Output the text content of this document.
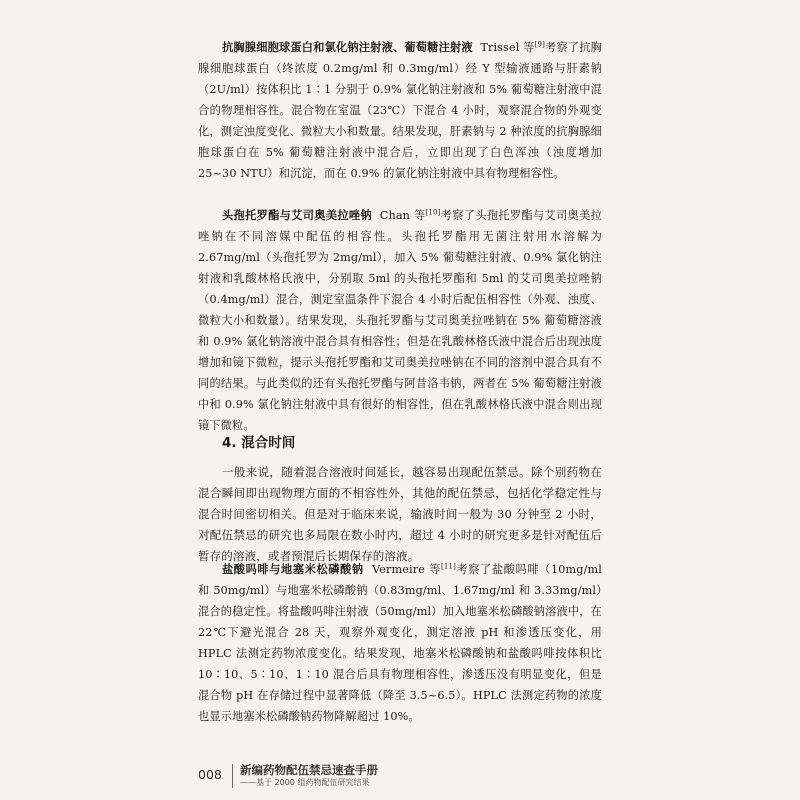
抗胸腺细胞球蛋白和氯化钠注射液、葡萄糖注射液 Trissel 等[9]考察了抗胸腺细胞球蛋白（终浓度 0.2mg/ml 和 0.3mg/ml）经 Y 型输液通路与肝素钠（2U/ml）按体积比 1∶1 分别于 0.9% 氯化钠注射液和 5% 葡萄糖注射液中混合的物理相容性。混合物在室温（23℃）下混合 4 小时，观察混合物的外观变化，测定浊度变化、微粒大小和数量。结果发现，肝素钠与 2 种浓度的抗胸腺细胞球蛋白在 5% 葡萄糖注射液中混合后，立即出现了白色浑浊（浊度增加 25~30 NTU）和沉淀，而在 0.9% 的氯化钠注射液中具有物理相容性。

头孢托罗酯与艾司奥美拉唑钠 Chan 等[10]考察了头孢托罗酯与艾司奥美拉唑钠在不同溶媒中配伍的相容性。头孢托罗酯用无菌注射用水溶解为 2.67mg/ml（头孢托罗为 2mg/ml），加入 5% 葡萄糖注射液、0.9% 氯化钠注射液和乳酸林格氏液中，分别取 5ml 的头孢托罗酯和 5ml 的艾司奥美拉唑钠（0.4mg/ml）混合，测定室温条件下混合 4 小时后配伍相容性（外观、浊度、微粒大小和数量）。结果发现，头孢托罗酯与艾司奥美拉唑钠在 5% 葡萄糖溶液和 0.9% 氯化钠溶液中混合具有相容性；但是在乳酸林格氏液中混合后出现浊度增加和镜下微粒，提示头孢托罗酯和艾司奥美拉唑钠在不同的溶剂中混合具有不同的结果。与此类似的还有头孢托罗酯与阿昔洛韦钠，两者在 5% 葡萄糖注射液中和 0.9% 氯化钠注射液中具有很好的相容性，但在乳酸林格氏液中混合则出现镜下微粒。

4. 混合时间

一般来说，随着混合溶液时间延长，越容易出现配伍禁忌。除个别药物在混合瞬间即出现物理方面的不相容性外，其他的配伍禁忌，包括化学稳定性与混合时间密切相关。但是对于临床来说，输液时间一般为 30 分钟至 2 小时，对配伍禁忌的研究也多局限在数小时内，超过 4 小时的研究更多是针对配伍后暂存的溶液，或者预混后长期保存的溶液。

盐酸吗啡与地塞米松磷酸钠 Vermeire 等[11]考察了盐酸吗啡（10mg/ml 和 50mg/ml）与地塞米松磷酸钠（0.83mg/ml、1.67mg/ml 和 3.33mg/ml）混合的稳定性。将盐酸吗啡注射液（50mg/ml）加入地塞米松磷酸钠溶液中，在 22℃下避光混合 28 天，观察外观变化，测定溶液 pH 和渗透压变化，用 HPLC 法测定药物浓度变化。结果发现，地塞米松磷酸钠和盐酸吗啡按体积比 10∶10、5∶10、1∶10 混合后具有物理相容性，渗透压没有明显变化，但是混合物 pH 在存储过程中显著降低（降至 3.5~6.5）。HPLC 法测定药物的浓度也显示地塞米松磷酸钠药物降解超过 10%。

008 新编药物配伍禁忌速查手册
——基于 2000 组药物配伍研究结果
